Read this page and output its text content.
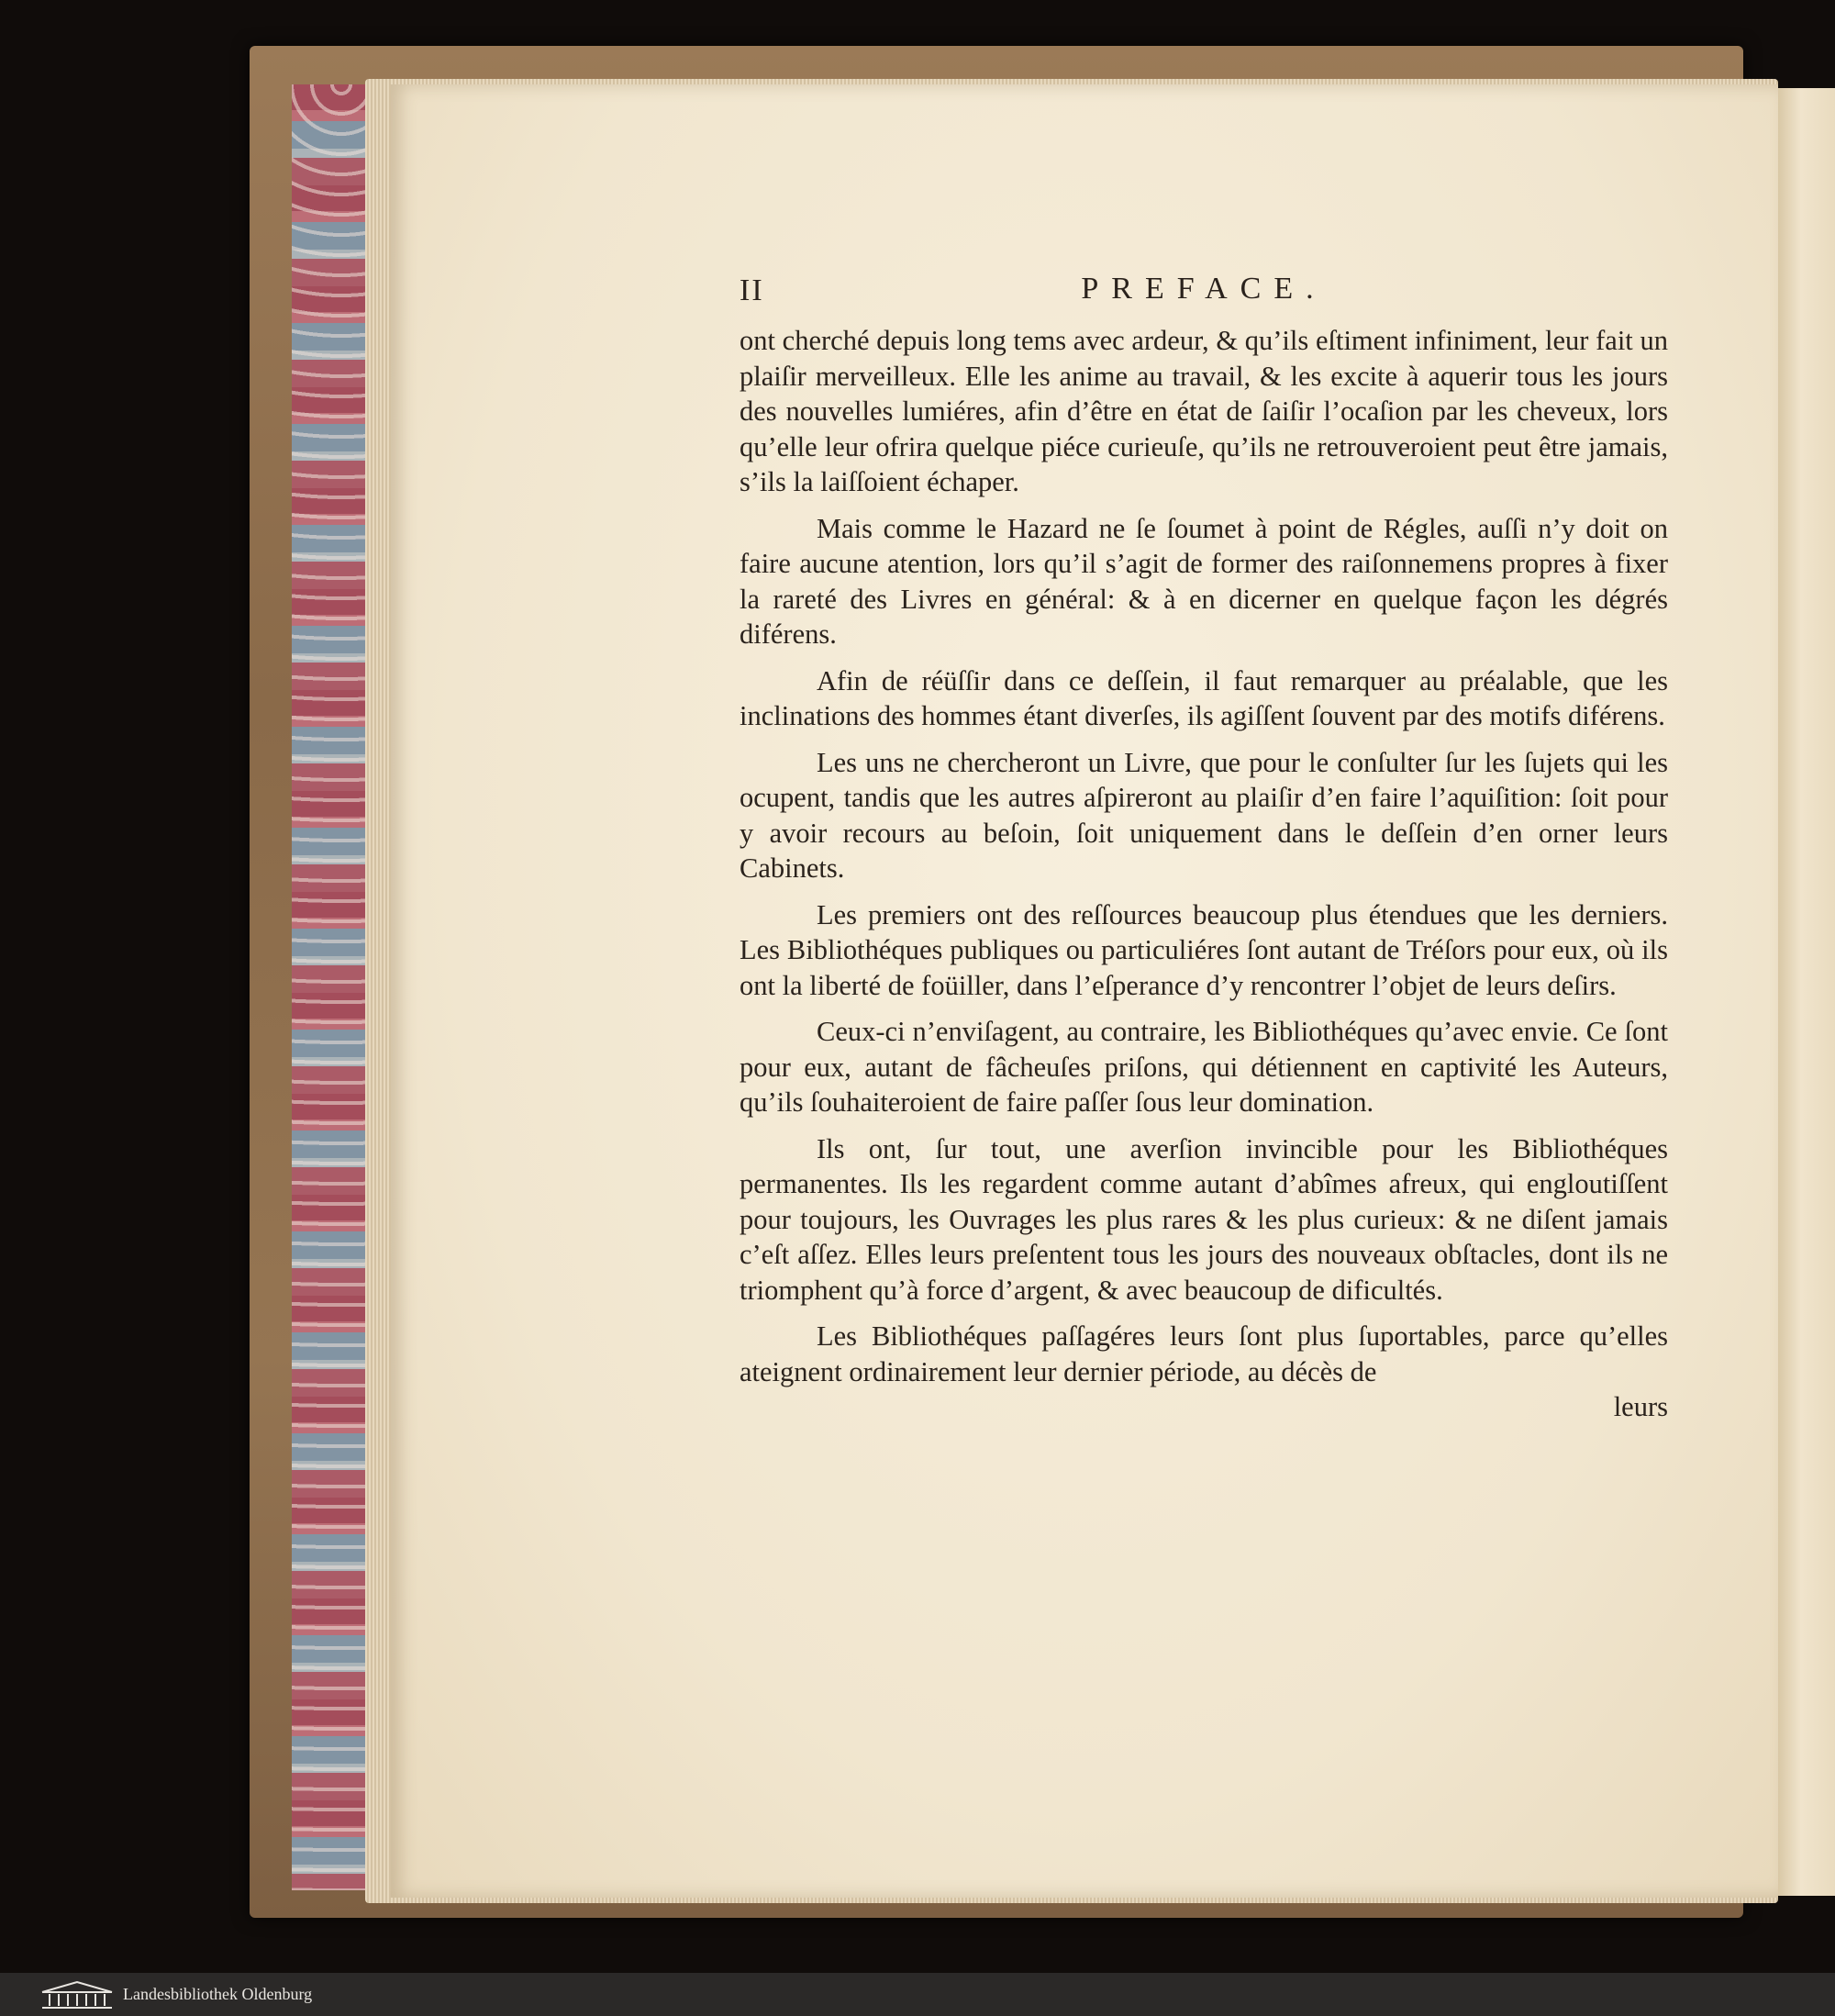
II	PREFACE.

ont cherché depuis long tems avec ardeur, & qu’ils eſtiment infiniment, leur fait un plaiſir merveilleux. Elle les anime au travail, & les excite à aquerir tous les jours des nouvelles lumiéres, afin d’être en état de ſaiſir l’ocaſion par les cheveux, lors qu’elle leur ofrira quelque piéce curieuſe, qu’ils ne retrouveroient peut être jamais, s’ils la laiſſoient échaper.

Mais comme le Hazard ne ſe ſoumet à point de Régles, auſſi n’y doit on faire aucune atention, lors qu’il s’agit de former des raiſonnemens propres à fixer la rareté des Livres en général: & à en dicerner en quelque façon les dégrés diférens.

Afin de réüſſir dans ce deſſein, il faut remarquer au préalable, que les inclinations des hommes étant diverſes, ils agiſſent ſouvent par des motifs diférens.

Les uns ne chercheront un Livre, que pour le conſulter ſur les ſujets qui les ocupent, tandis que les autres aſpireront au plaiſir d’en faire l’aquiſition: ſoit pour y avoir recours au beſoin, ſoit uniquement dans le deſſein d’en orner leurs Cabinets.

Les premiers ont des reſſources beaucoup plus étendues que les derniers. Les Bibliothéques publiques ou particuliéres ſont autant de Tréſors pour eux, où ils ont la liberté de foüiller, dans l’eſperance d’y rencontrer l’objet de leurs deſirs.

Ceux-ci n’enviſagent, au contraire, les Bibliothéques qu’avec envie. Ce ſont pour eux, autant de fâcheuſes priſons, qui détiennent en captivité les Auteurs, qu’ils ſouhaiteroient de faire paſſer ſous leur domination.

Ils ont, ſur tout, une averſion invincible pour les Bibliothéques permanentes. Ils les regardent comme autant d’abîmes afreux, qui engloutiſſent pour toujours, les Ouvrages les plus rares & les plus curieux: & ne diſent jamais c’eſt aſſez. Elles leurs preſentent tous les jours des nouveaux obſtacles, dont ils ne triomphent qu’à force d’argent, & avec beaucoup de dificultés.

Les Bibliothéques paſſagéres leurs ſont plus ſuportables, parce qu’elles ateignent ordinairement leur dernier période, au décès de

leurs

Landesbibliothek Oldenburg
